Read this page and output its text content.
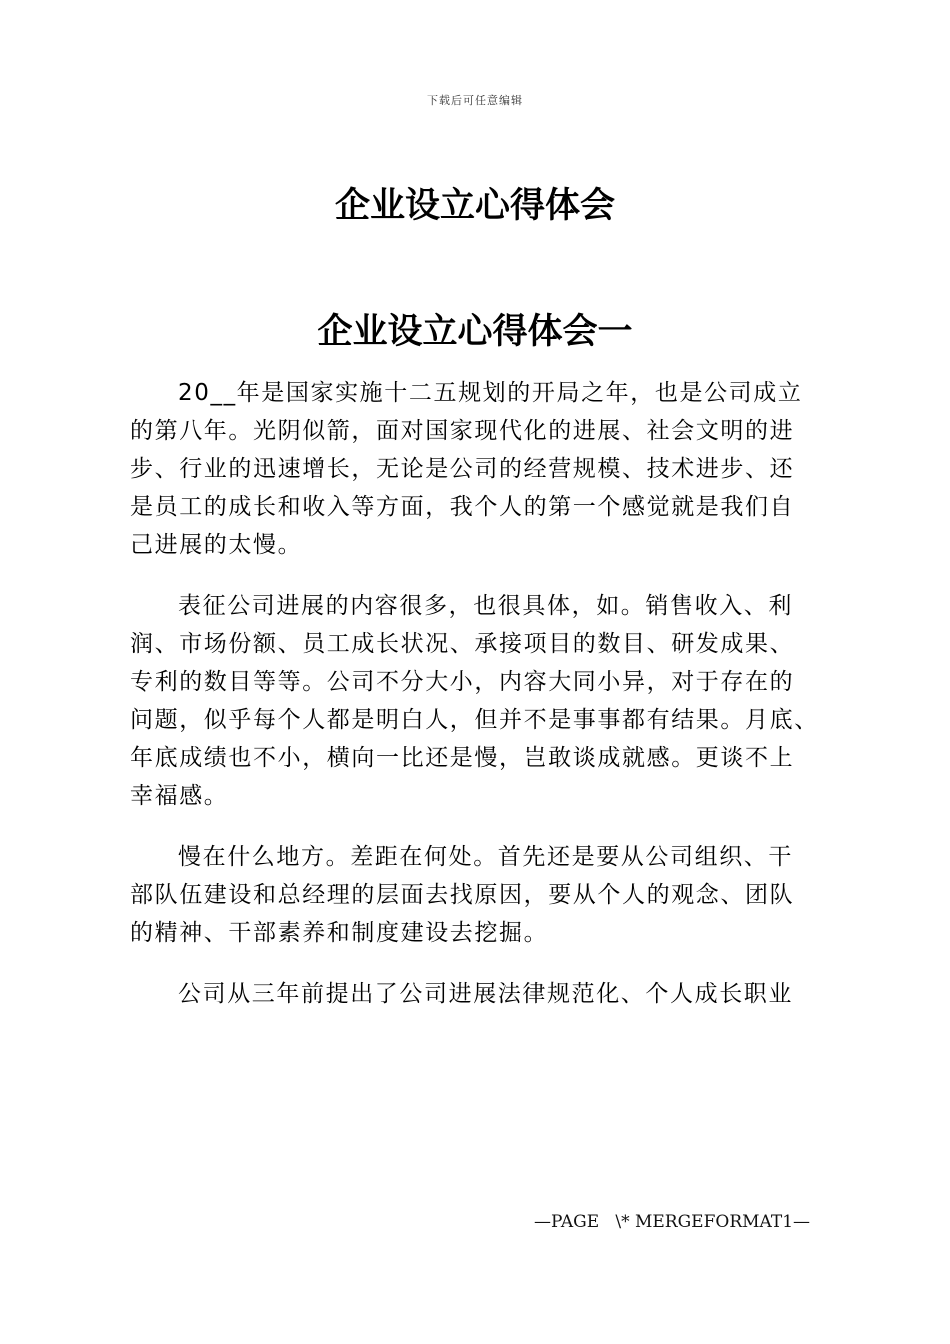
下载后可任意编辑
企业设立心得体会
企业设立心得体会一

20__年是国家实施十二五规划的开局之年，也是公司成立
的第八年。光阴似箭，面对国家现代化的进展、社会文明的进
步、行业的迅速增长，无论是公司的经营规模、技术进步、还
是员工的成长和收入等方面，我个人的第一个感觉就是我们自
己进展的太慢。

表征公司进展的内容很多，也很具体，如。销售收入、利
润、市场份额、员工成长状况、承接项目的数目、研发成果、
专利的数目等等。公司不分大小，内容大同小异，对于存在的
问题，似乎每个人都是明白人，但并不是事事都有结果。月底、
年底成绩也不小，横向一比还是慢，岂敢谈成就感。更谈不上
幸福感。

慢在什么地方。差距在何处。首先还是要从公司组织、干
部队伍建设和总经理的层面去找原因，要从个人的观念、团队
的精神、干部素养和制度建设去挖掘。

公司从三年前提出了公司进展法律规范化、个人成长职业

—PAGE   \* MERGEFORMAT1—
